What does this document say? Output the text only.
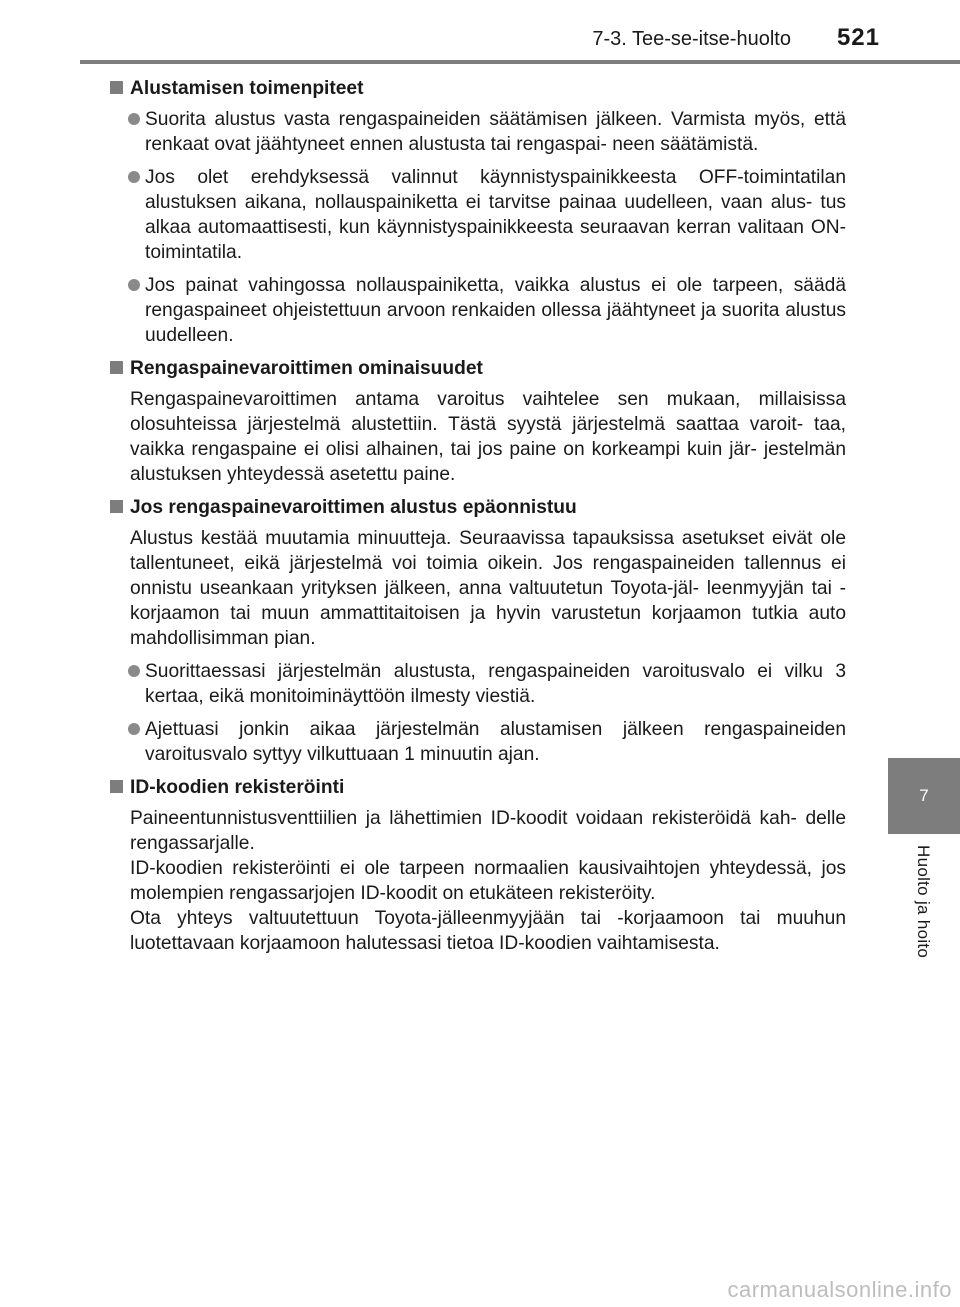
7-3. Tee-se-itse-huolto 521
7
Huolto ja hoito
Alustamisen toimenpiteet
Suorita alustus vasta rengaspaineiden säätämisen jälkeen. Varmista myös, että renkaat ovat jäähtyneet ennen alustusta tai rengaspai- neen säätämistä.
Jos olet erehdyksessä valinnut käynnistyspainikkeesta OFF-toimintatilan alustuksen aikana, nollauspainiketta ei tarvitse painaa uudelleen, vaan alus- tus alkaa automaattisesti, kun käynnistyspainikkeesta seuraavan kerran valitaan ON-toimintatila.
Jos painat vahingossa nollauspainiketta, vaikka alustus ei ole tarpeen, säädä rengaspaineet ohjeistettuun arvoon renkaiden ollessa jäähtyneet ja suorita alustus uudelleen.
Rengaspainevaroittimen ominaisuudet
Rengaspainevaroittimen antama varoitus vaihtelee sen mukaan, millaisissa olosuhteissa järjestelmä alustettiin. Tästä syystä järjestelmä saattaa varoit- taa, vaikka rengaspaine ei olisi alhainen, tai jos paine on korkeampi kuin jär- jestelmän alustuksen yhteydessä asetettu paine.
Jos rengaspainevaroittimen alustus epäonnistuu
Alustus kestää muutamia minuutteja. Seuraavissa tapauksissa asetukset eivät ole tallentuneet, eikä järjestelmä voi toimia oikein. Jos rengaspaineiden tallennus ei onnistu useankaan yrityksen jälkeen, anna valtuutetun Toyota-jäl- leenmyyjän tai -korjaamon tai muun ammattitaitoisen ja hyvin varustetun korjaamon tutkia auto mahdollisimman pian.
Suorittaessasi järjestelmän alustusta, rengaspaineiden varoitusvalo ei vilku 3 kertaa, eikä monitoiminäyttöön ilmesty viestiä.
Ajettuasi jonkin aikaa järjestelmän alustamisen jälkeen rengaspaineiden varoitusvalo syttyy vilkuttuaan 1 minuutin ajan.
ID-koodien rekisteröinti
Paineentunnistusventtiilien ja lähettimien ID-koodit voidaan rekisteröidä kah- delle rengassarjalle.
ID-koodien rekisteröinti ei ole tarpeen normaalien kausivaihtojen yhteydessä, jos molempien rengassarjojen ID-koodit on etukäteen rekisteröity.
Ota yhteys valtuutettuun Toyota-jälleenmyyjään tai -korjaamoon tai muuhun luotettavaan korjaamoon halutessasi tietoa ID-koodien vaihtamisesta.
carmanualsonline.info
